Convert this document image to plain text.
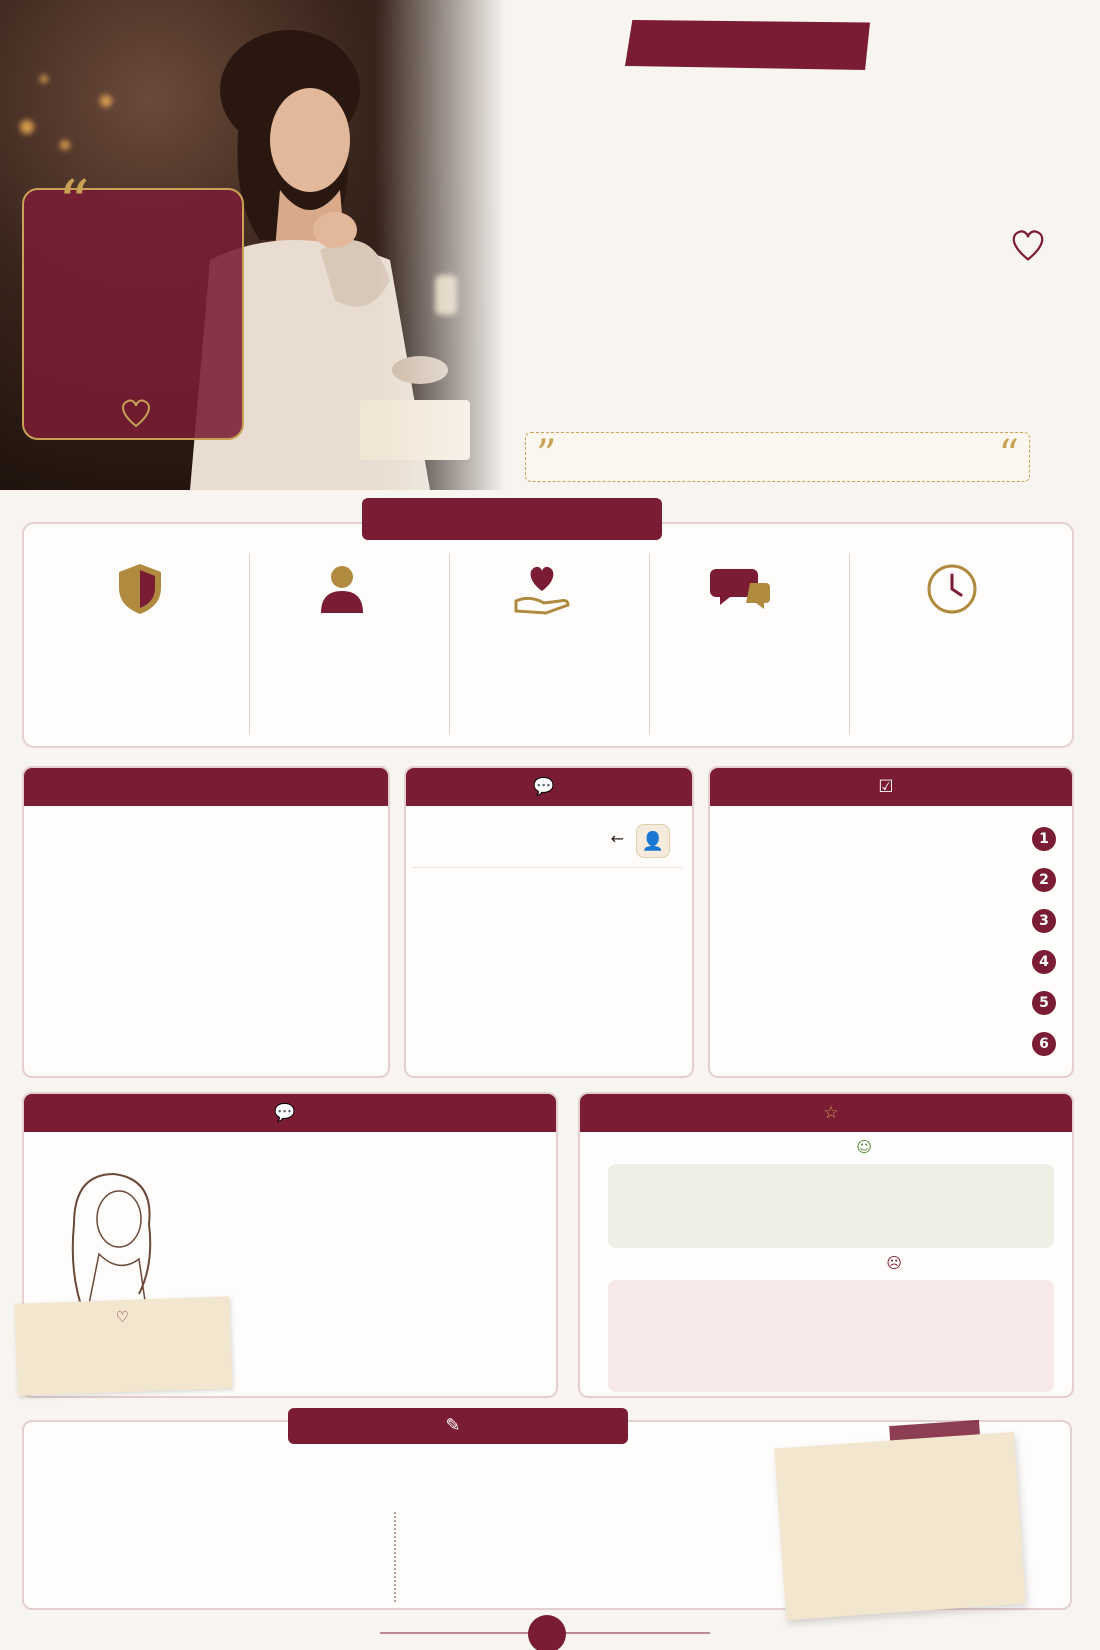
“

“
”

☑
1
2
3
4
5
6
💬
👤
←
💬
♡
☆
☺
☹
✎
